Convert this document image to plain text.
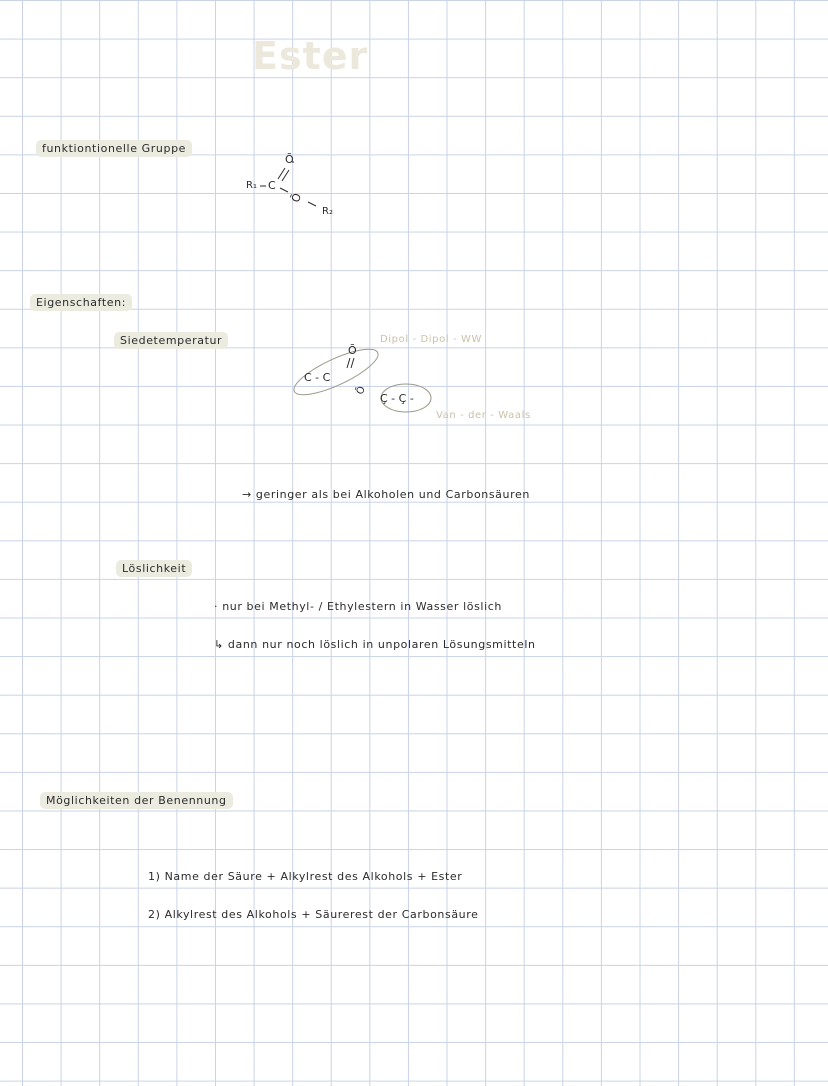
Ester
funktiontionelle Gruppe
R₁ C
Ō
Ō
R₂
Eigenschaften:
Siedetemperatur
C - C
Ō
Ō
Ç - Ç -
Dipol - Dipol - WW
Van - der - Waals
→ geringer als bei Alkoholen und Carbonsäuren
Löslichkeit
· nur bei Methyl- / Ethylestern in Wasser löslich
↳ dann nur noch löslich in unpolaren Lösungsmitteln
Möglichkeiten der Benennung
1) Name der Säure + Alkylrest des Alkohols + Ester
2) Alkylrest des Alkohols + Säurerest der Carbonsäure
